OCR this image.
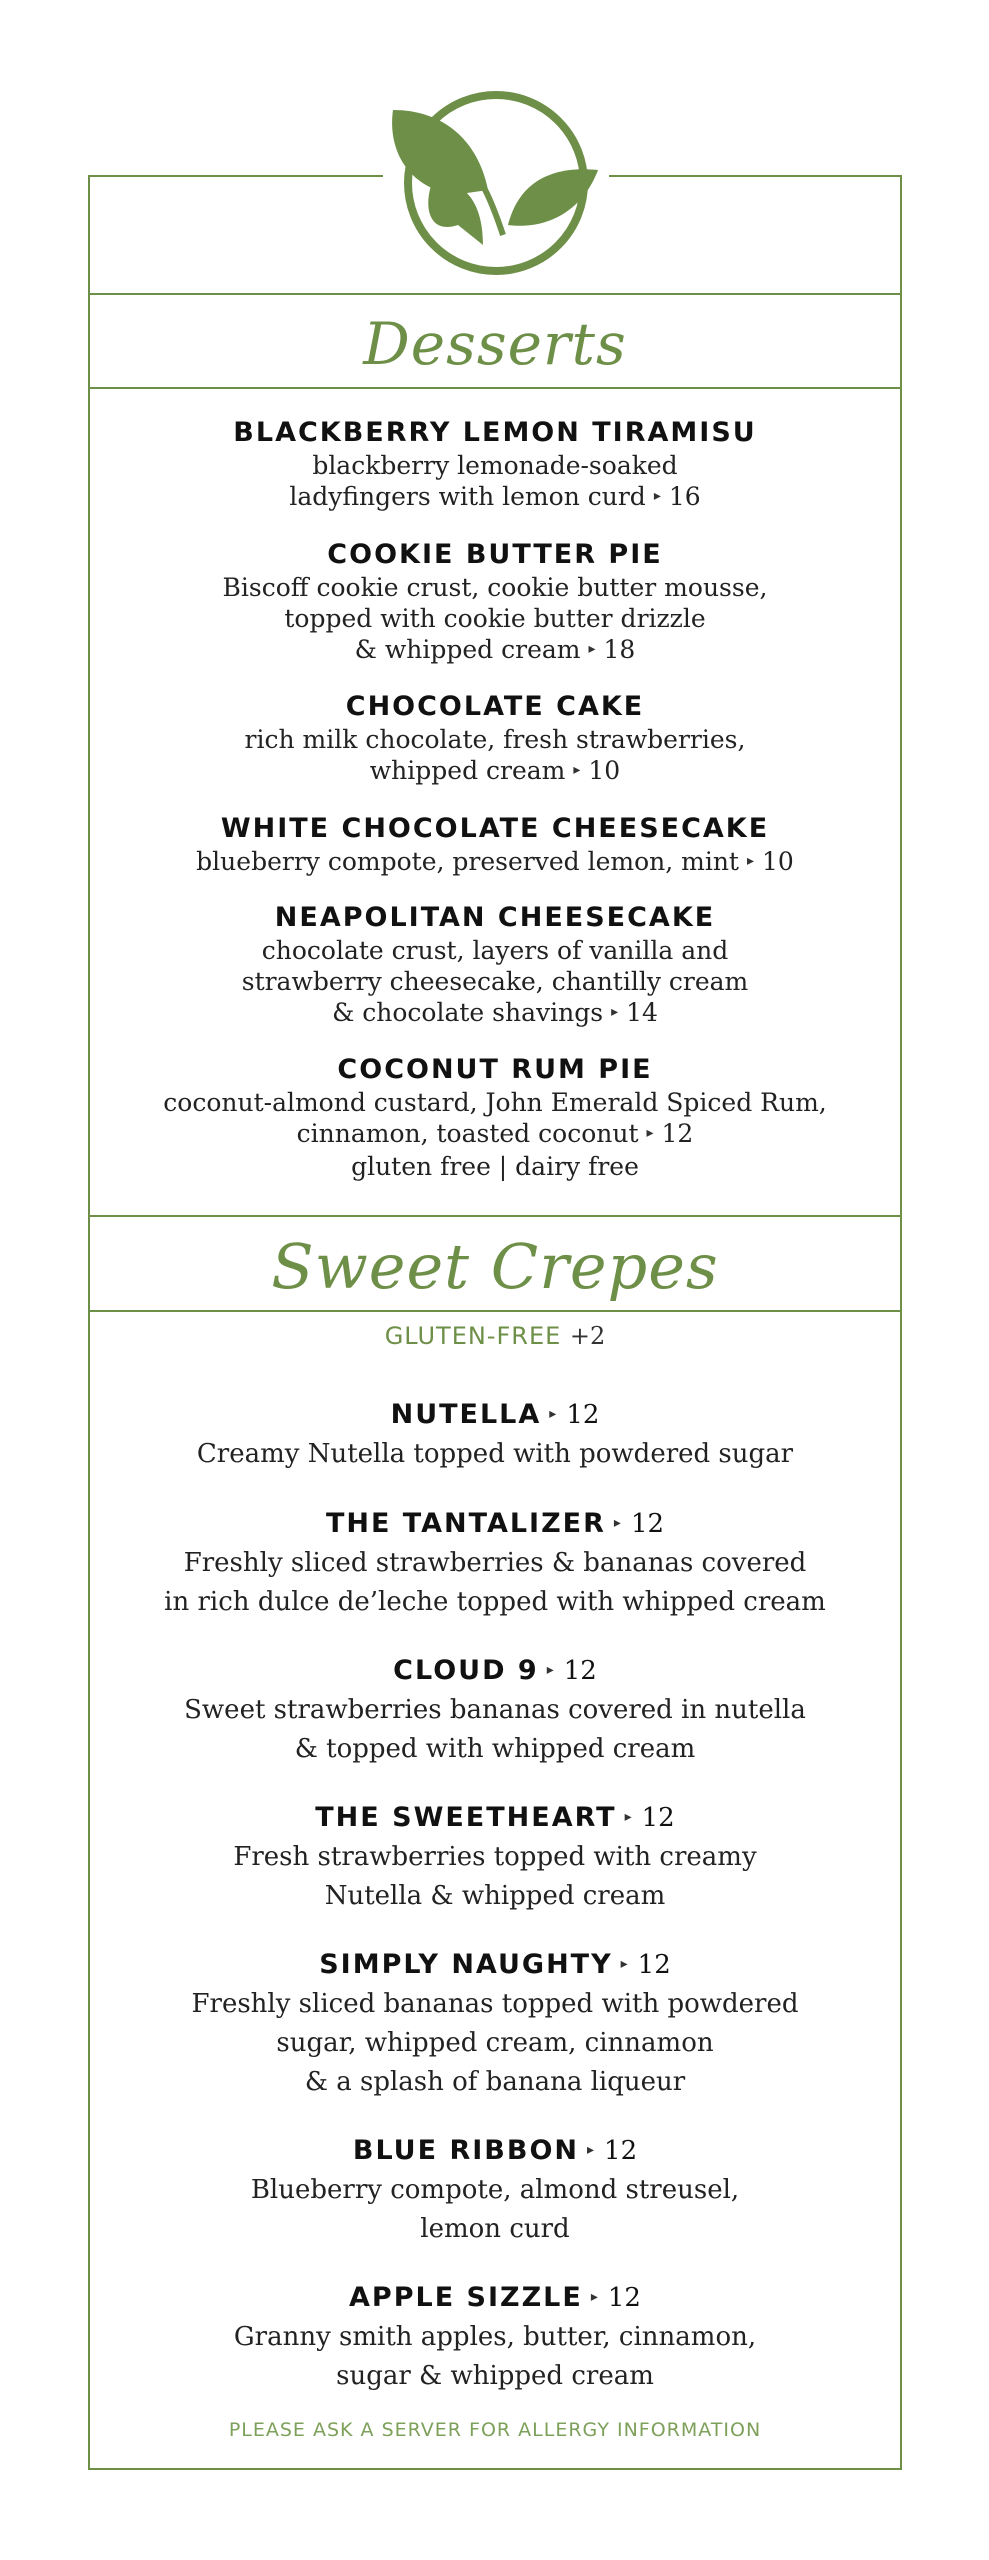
Desserts
BLACKBERRY LEMON TIRAMISU
blackberry lemonade-soaked
ladyfingers with lemon curd ▸ 16
COOKIE BUTTER PIE
Biscoff cookie crust, cookie butter mousse,
topped with cookie butter drizzle
& whipped cream ▸ 18
CHOCOLATE CAKE
rich milk chocolate, fresh strawberries,
whipped cream ▸ 10
WHITE CHOCOLATE CHEESECAKE
blueberry compote, preserved lemon, mint ▸ 10
NEAPOLITAN CHEESECAKE
chocolate crust, layers of vanilla and
strawberry cheesecake, chantilly cream
& chocolate shavings ▸ 14
COCONUT RUM PIE
coconut-almond custard, John Emerald Spiced Rum,
cinnamon, toasted coconut ▸ 12
gluten free | dairy free
Sweet Crepes
GLUTEN-FREE +2
NUTELLA ▸ 12
Creamy Nutella topped with powdered sugar
THE TANTALIZER ▸ 12
Freshly sliced strawberries & bananas covered
in rich dulce de’leche topped with whipped cream
CLOUD 9 ▸ 12
Sweet strawberries bananas covered in nutella
& topped with whipped cream
THE SWEETHEART ▸ 12
Fresh strawberries topped with creamy
Nutella & whipped cream
SIMPLY NAUGHTY ▸ 12
Freshly sliced bananas topped with powdered
sugar, whipped cream, cinnamon
& a splash of banana liqueur
BLUE RIBBON ▸ 12
Blueberry compote, almond streusel,
lemon curd
APPLE SIZZLE ▸ 12
Granny smith apples, butter, cinnamon,
sugar & whipped cream
PLEASE ASK A SERVER FOR ALLERGY INFORMATION
